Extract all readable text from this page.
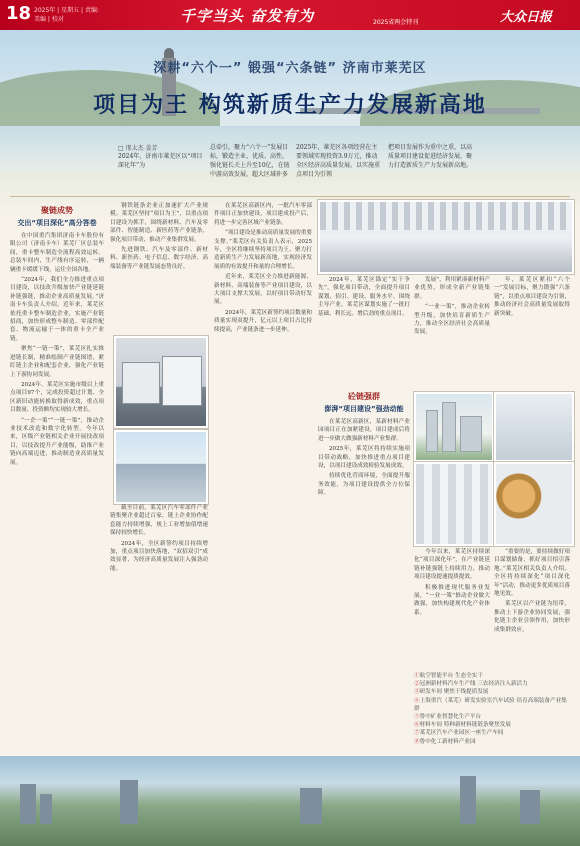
18 2025年 | 星期五 | 责编:
美编 | 校对	千字当头 奋发有为	2025省两会特刊	大众日报
深耕“六个一” 锻强“六条链” 济南市莱芜区
项目为王 构筑新质生产力发展新高地
□ 邢太杰 姜芳
2024年，济南市莱芜区以“项目深化年”为
总牵引，聚力“六个一”发展目标，锻造主业、优质、高性，强化链长关上升至10亿，在链中游高效发展、超大区域补多
2025年，莱芜区各项经营在主要领域实现投资3.9万元，推动全区经济高质量发展。以实施重点项目为引领
把项目发展作为重中之重，以高质量项目建设促进经济发展，聚力打造新质生产力发展新高地。
聚链成势
交出“项目深化”高分答卷

在中国重汽集团济南卡车股份有限公司（济南卡车）莱芜厂区总装车间，重卡整车制造全流程高效运转。总装车间内，生产线有序运转，一辆辆重卡缓缓下线，运往全国各地。

“2024年，我们全力推进重点项目建设，以技改升级加快产业链延链补链强链，推动企业高质量发展。”济南卡车负责人介绍。近年来，莱芜区依托重卡整车制造企业，实施产业链招商，加快形成整车制造、零部件配套、物流运输于一体的重卡全产业链。

聚焦“一链一策”，莱芜区扎实推进链长制，精准绘制产业链图谱，紧盯链主企业和配套企业，强化产业链上下游协同发展。

2024年，莱芜区实施市级以上重点项目97个，完成投资超过计划，全区新旧动能转换取得新成效，重点项目数量、投资额均实现较大增长。

“一企一策”“一链一策”，推动企业技术改造和数字化转型。今年以来，区级产业链相关企业开展技改项目，以技改提升产业能级，助推产业链向高端迈进，推动制造业高质量发展。

钢铁链条企业正加速扩大产业规模。莱芜区坚持“项目为王”，以重点项目建设为抓手，围绕新材料、汽车及零部件、智能制造、新医药等产业链条，强化项目带动，推动产业集群发展。

先进钢铁、汽车及零部件、新材料、新医药、电子信息、数字经济、高端装备等产业链发展态势良好。

截至目前，莱芜区汽车零部件产业链集聚企业超过百家，链上企业协作配套能力持续增强，规上工业增加值增速保持较快增长。

2024年，全区新签约项目持续增加，重点项目加快落地，“双招双引”成效显著，为经济高质量发展注入强劲动能。

在莱芜区高新区内，一批汽车零部件项目正加快建设，项目建成投产后，将进一步完善区域产业链条。

“项目建设是推动高质量发展的重要支撑。”莱芜区有关负责人表示，2025年，全区将继续坚持项目为王，聚力打造新质生产力发展新高地，实现经济发展质的有效提升和量的合理增长。

近年来，莱芜区全力推进新能源、新材料、高端装备等产业项目建设，以大项目支撑大发展，以好项目带动好发展。

2024年，莱芜区新签约项目数量和质量实现双提升，亿元以上项目占比持续提高，产业链条进一步延伸。

2024年，莱芜区锚定“实干争先”，强化项目带动，全面提升项目谋划、招引、建设、服务水平。围绕主导产业，莱芜区谋划实施了一批打基础、利长远、增后劲的重点项目。

砼链强群
澎湃“项目建设”强劲动能

在莱芜区高新区，某新材料产业园项目正在加紧建设，项目建成后将进一步做大做强新材料产业集群。

2025年，莱芜区将持续实施项目带动战略，加快推进重点项目建设，以项目建设成效检验发展成效。

持续优化营商环境，全面提升服务效能，为项目建设提供全方位保障。

发展”，利用紧凑新材料产业优势，形成全新产业链集群。

“一业一策”，推动企业转型升级，加快培育新质生产力，推动全区经济社会高质量发展。

年，莱芜区紧扣“六个一”发展目标，聚力锻强“六条链”，以重点项目建设为引领，推动经济社会高质量发展取得新突破。

今年以来，莱芜区持续深化“项目深化年”，在产业链延链补链强链上持续用力，推动项目建设提速提质提效。

积极推进现代服务业发展，“一业一策”推动企业做大做强，加快构建现代化产业体系。

“重要的是，要持续做好项目谋划储备，抓好项目招引落地。”莱芜区相关负责人介绍，全区将持续深化“项目深化年”活动，推动更多优质项目落地见效。

莱芜区以产业链为纽带，推动上下游企业协同发展，强化链主企业引领作用，加快形成集群效应。

①航空智能平台 生态全实干
②冠洲新材料汽车生产线 三农经济注入新活力
③研发车间 聚焦干线提质发展
④上海重汽（莱芜）研发实验室汽车试验 培育高端装备产业集群
⑤鲁中矿业智慧化生产平台
⑥材料车间 特种新材料链链条聚焦发展
⑦莱芜区汽车产业园区一座生产车间
⑧鲁中化工新材料产业园
